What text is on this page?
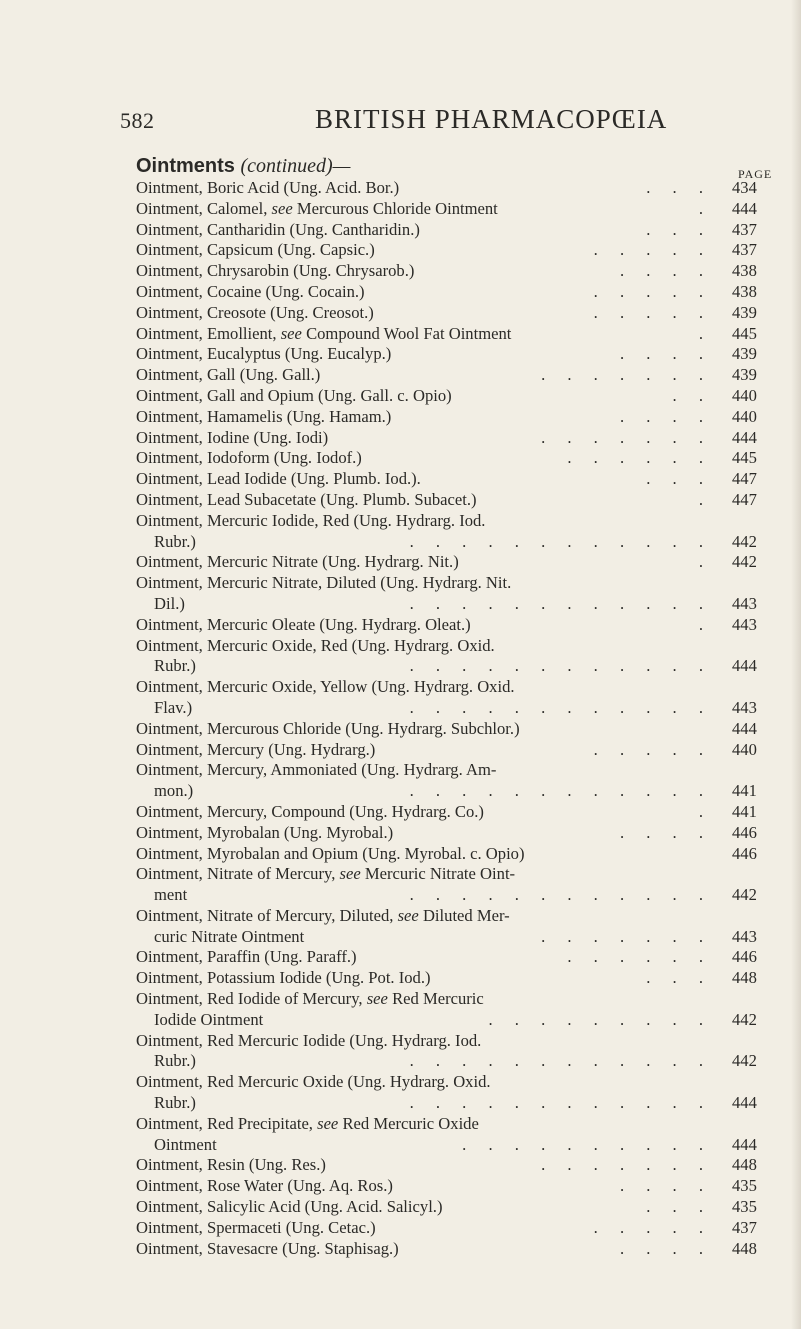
582	BRITISH PHARMACOPŒIA
Ointments (continued)—	PAGE
Ointment, Boric Acid (Ung. Acid. Bor.)	. . . 434
Ointment, Calomel, see Mercurous Chloride Ointment	. 444
Ointment, Cantharidin (Ung. Cantharidin.)	. . . 437
Ointment, Capsicum (Ung. Capsic.)	. . . . . 437
Ointment, Chrysarobin (Ung. Chrysarob.)	. . . . 438
Ointment, Cocaine (Ung. Cocain.)	. . . . . 438
Ointment, Creosote (Ung. Creosot.)	. . . . . 439
Ointment, Emollient, see Compound Wool Fat Ointment	. 445
Ointment, Eucalyptus (Ung. Eucalyp.)	. . . . 439
Ointment, Gall (Ung. Gall.)	. . . . . . . 439
Ointment, Gall and Opium (Ung. Gall. c. Opio)	. . 440
Ointment, Hamamelis (Ung. Hamam.)	. . . . 440
Ointment, Iodine (Ung. Iodi)	. . . . . . . 444
Ointment, Iodoform (Ung. Iodof.)	. . . . . . 445
Ointment, Lead Iodide (Ung. Plumb. Iod.).	. . . 447
Ointment, Lead Subacetate (Ung. Plumb. Subacet.)	. 447
Ointment, Mercuric Iodide, Red (Ung. Hydrarg. Iod.
Rubr.)	. . . . . . . . . . . . 442
Ointment, Mercuric Nitrate (Ung. Hydrarg. Nit.)	. 442
Ointment, Mercuric Nitrate, Diluted (Ung. Hydrarg. Nit.
Dil.)	. . . . . . . . . . . . 443
Ointment, Mercuric Oleate (Ung. Hydrarg. Oleat.)	. 443
Ointment, Mercuric Oxide, Red (Ung. Hydrarg. Oxid.
Rubr.)	. . . . . . . . . . . . 444
Ointment, Mercuric Oxide, Yellow (Ung. Hydrarg. Oxid.
Flav.)	. . . . . . . . . . . . 443
Ointment, Mercurous Chloride (Ung. Hydrarg. Subchlor.)	444
Ointment, Mercury (Ung. Hydrarg.)	. . . . . 440
Ointment, Mercury, Ammoniated (Ung. Hydrarg. Am-
mon.)	. . . . . . . . . . . . 441
Ointment, Mercury, Compound (Ung. Hydrarg. Co.)	. 441
Ointment, Myrobalan (Ung. Myrobal.)	. . . . 446
Ointment, Myrobalan and Opium (Ung. Myrobal. c. Opio)	446
Ointment, Nitrate of Mercury, see Mercuric Nitrate Oint-
ment	. . . . . . . . . . . . 442
Ointment, Nitrate of Mercury, Diluted, see Diluted Mer-
curic Nitrate Ointment	. . . . . . . 443
Ointment, Paraffin (Ung. Paraff.)	. . . . . . 446
Ointment, Potassium Iodide (Ung. Pot. Iod.)	. . . 448
Ointment, Red Iodide of Mercury, see Red Mercuric
Iodide Ointment	. . . . . . . . . 442
Ointment, Red Mercuric Iodide (Ung. Hydrarg. Iod.
Rubr.)	. . . . . . . . . . . . 442
Ointment, Red Mercuric Oxide (Ung. Hydrarg. Oxid.
Rubr.)	. . . . . . . . . . . . 444
Ointment, Red Precipitate, see Red Mercuric Oxide
Ointment	. . . . . . . . . . 444
Ointment, Resin (Ung. Res.)	. . . . . . . 448
Ointment, Rose Water (Ung. Aq. Ros.)	. . . . 435
Ointment, Salicylic Acid (Ung. Acid. Salicyl.)	. . . 435
Ointment, Spermaceti (Ung. Cetac.)	. . . . . 437
Ointment, Stavesacre (Ung. Staphisag.)	. . . . 448
